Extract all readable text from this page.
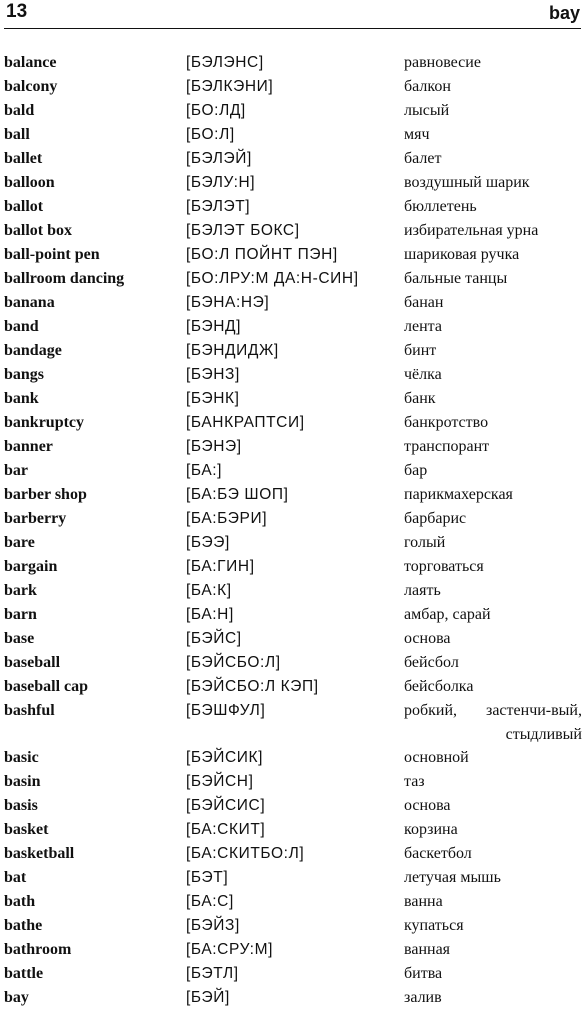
13	bay
balance	[БЭЛЭНС]	равновесие
balcony	[БЭЛКЭНИ]	балкон
bald	[БО:ЛД]	лысый
ball	[БО:Л]	мяч
ballet	[БЭЛЭЙ]	балет
balloon	[БЭЛУ:Н]	воздушный шарик
ballot	[БЭЛЭТ]	бюллетень
ballot box	[БЭЛЭТ БОКС]	избирательная урна
ball-point pen	[БО:Л ПОЙНТ ПЭН]	шариковая ручка
ballroom dancing	[БО:ЛРУ:М ДА:Н-СИН]	бальные танцы
banana	[БЭНА:НЭ]	банан
band	[БЭНД]	лента
bandage	[БЭНДИДЖ]	бинт
bangs	[БЭНЗ]	чёлка
bank	[БЭНК]	банк
bankruptcy	[БАНКРАПТСИ]	банкротство
banner	[БЭНЭ]	транспорант
bar	[БА:]	бар
barber shop	[БА:БЭ ШОП]	парикмахерская
barberry	[БА:БЭРИ]	барбарис
bare	[БЭЭ]	голый
bargain	[БА:ГИН]	торговаться
bark	[БА:К]	лаять
barn	[БА:Н]	амбар, сарай
base	[БЭЙС]	основа
baseball	[БЭЙСБО:Л]	бейсбол
baseball cap	[БЭЙСБО:Л КЭП]	бейсболка
bashful	[БЭШФУЛ]	робкий, застенчи-вый, стыдливый
basic	[БЭЙСИК]	основной
basin	[БЭЙСН]	таз
basis	[БЭЙСИС]	основа
basket	[БА:СКИТ]	корзина
basketball	[БА:СКИТБО:Л]	баскетбол
bat	[БЭТ]	летучая мышь
bath	[БА:С]	ванна
bathe	[БЭЙЗ]	купаться
bathroom	[БА:СРУ:М]	ванная
battle	[БЭТЛ]	битва
bay	[БЭЙ]	залив
